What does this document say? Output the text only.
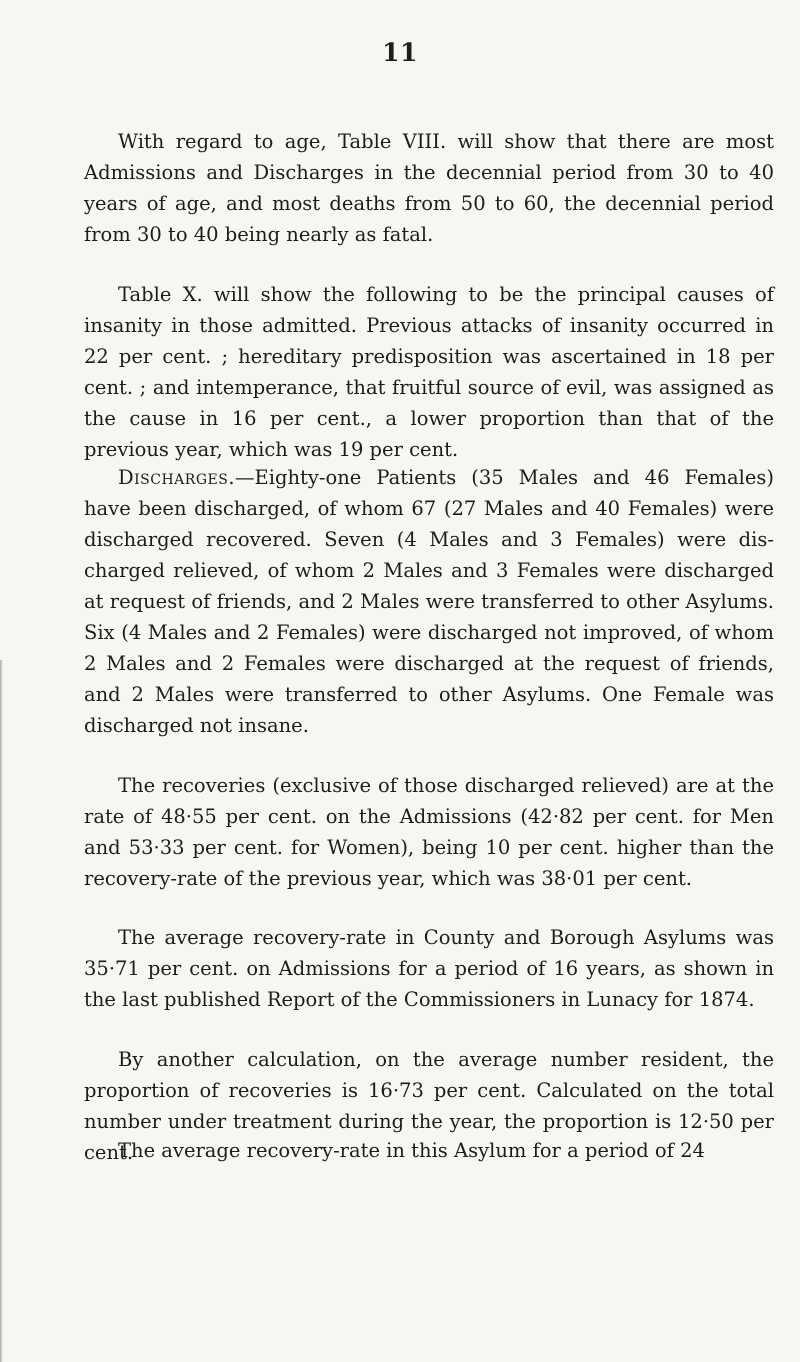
11

With regard to age, Table VIII. will show that there are most Admissions and Discharges in the decennial period from 30 to 40 years of age, and most deaths from 50 to 60, the decennial period from 30 to 40 being nearly as fatal.

Table X. will show the following to be the principal causes of insanity in those admitted. Previous attacks of insanity occurred in 22 per cent. ; hereditary predisposition was ascertained in 18 per cent. ; and intemperance, that fruitful source of evil, was assigned as the cause in 16 per cent., a lower proportion than that of the previous year, which was 19 per cent.

Discharges.—Eighty-one Patients (35 Males and 46 Females) have been discharged, of whom 67 (27 Males and 40 Females) were discharged recovered. Seven (4 Males and 3 Females) were dis- charged relieved, of whom 2 Males and 3 Females were discharged at request of friends, and 2 Males were transferred to other Asylums. Six (4 Males and 2 Females) were discharged not improved, of whom 2 Males and 2 Females were discharged at the request of friends, and 2 Males were transferred to other Asylums. One Female was discharged not insane.

The recoveries (exclusive of those discharged relieved) are at the rate of 48·55 per cent. on the Admissions (42·82 per cent. for Men and 53·33 per cent. for Women), being 10 per cent. higher than the recovery-rate of the previous year, which was 38·01 per cent.

The average recovery-rate in County and Borough Asylums was 35·71 per cent. on Admissions for a period of 16 years, as shown in the last published Report of the Commissioners in Lunacy for 1874.

By another calculation, on the average number resident, the proportion of recoveries is 16·73 per cent. Calculated on the total number under treatment during the year, the proportion is 12·50 per cent.

The average recovery-rate in this Asylum for a period of 24
